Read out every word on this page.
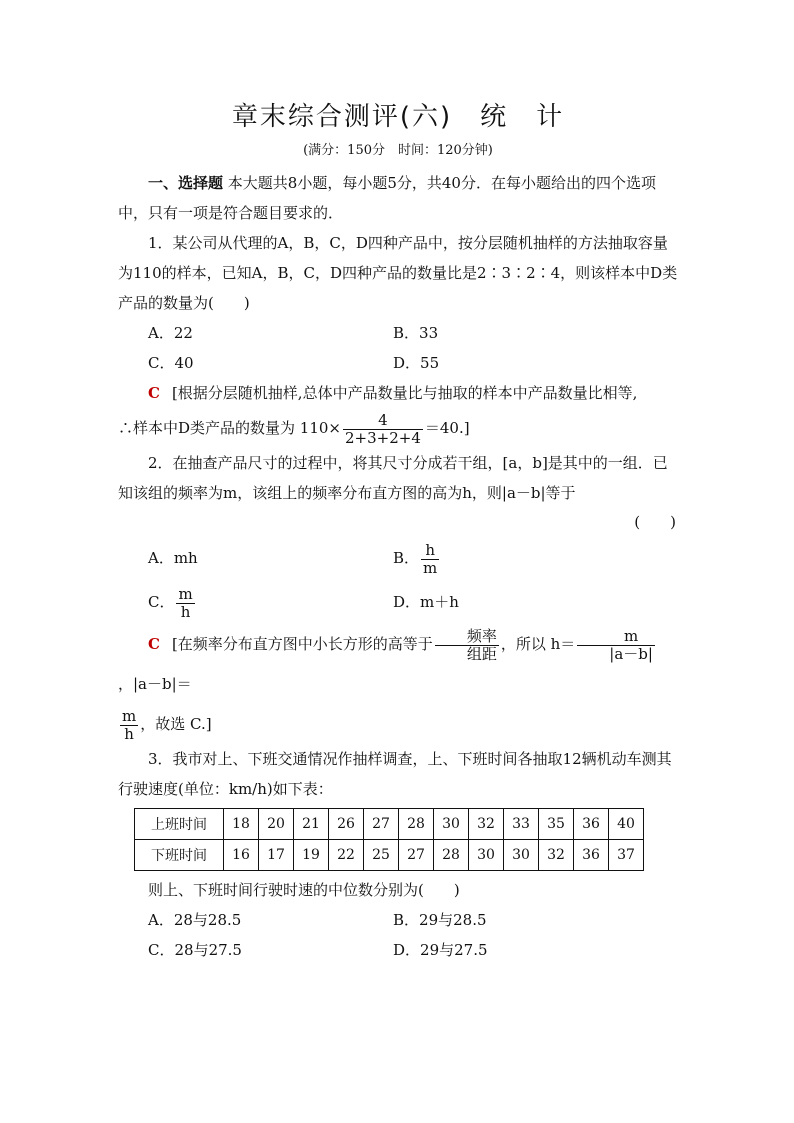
章末综合测评(六)　统　计
(满分：150分　时间：120分钟)

一、选择题 本大题共8小题，每小题5分，共40分．在每小题给出的四个选项中，只有一项是符合题目要求的．

1．某公司从代理的A，B，C，D四种产品中，按分层随机抽样的方法抽取容量为110的样本，已知A，B，C，D四种产品的数量比是2∶3∶2∶4，则该样本中D类产品的数量为(　　)

A．22	B．33
C．40	D．55

C [根据分层随机抽样,总体中产品数量比与抽取的样本中产品数量比相等,

∴样本中D类产品的数量为 $110\times \frac{4}{2+3+2+4} =40$.]

2．在抽查产品尺寸的过程中，将其尺寸分成若干组，[a，b]是其中的一组．已知该组的频率为m，该组上的频率分布直方图的高为h，则|a－b|等于

(　　)
A．mh	B． $\frac{h}{m}$
C． $\frac{m}{h}$	D．m＋h

C [在频率分布直方图中小长方形的高等于 $\frac{\text{频率}}{\text{组距}}$ ，所以 $h= \frac{m}{|a-b|}$
，|a－b|＝

$\frac{m}{h}$ ，故选 C.]

3．我市对上、下班交通情况作抽样调查，上、下班时间各抽取12辆机动车测其行驶速度(单位：km/h)如下表：

上班时间	18	20	21	26	27	28	30	32	33	35	36	40
下班时间	16	17	19	22	25	27	28	30	30	32	36	37

则上、下班时间行驶时速的中位数分别为(　　)

A．28与28.5	B．29与28.5
C．28与27.5	D．29与27.5
